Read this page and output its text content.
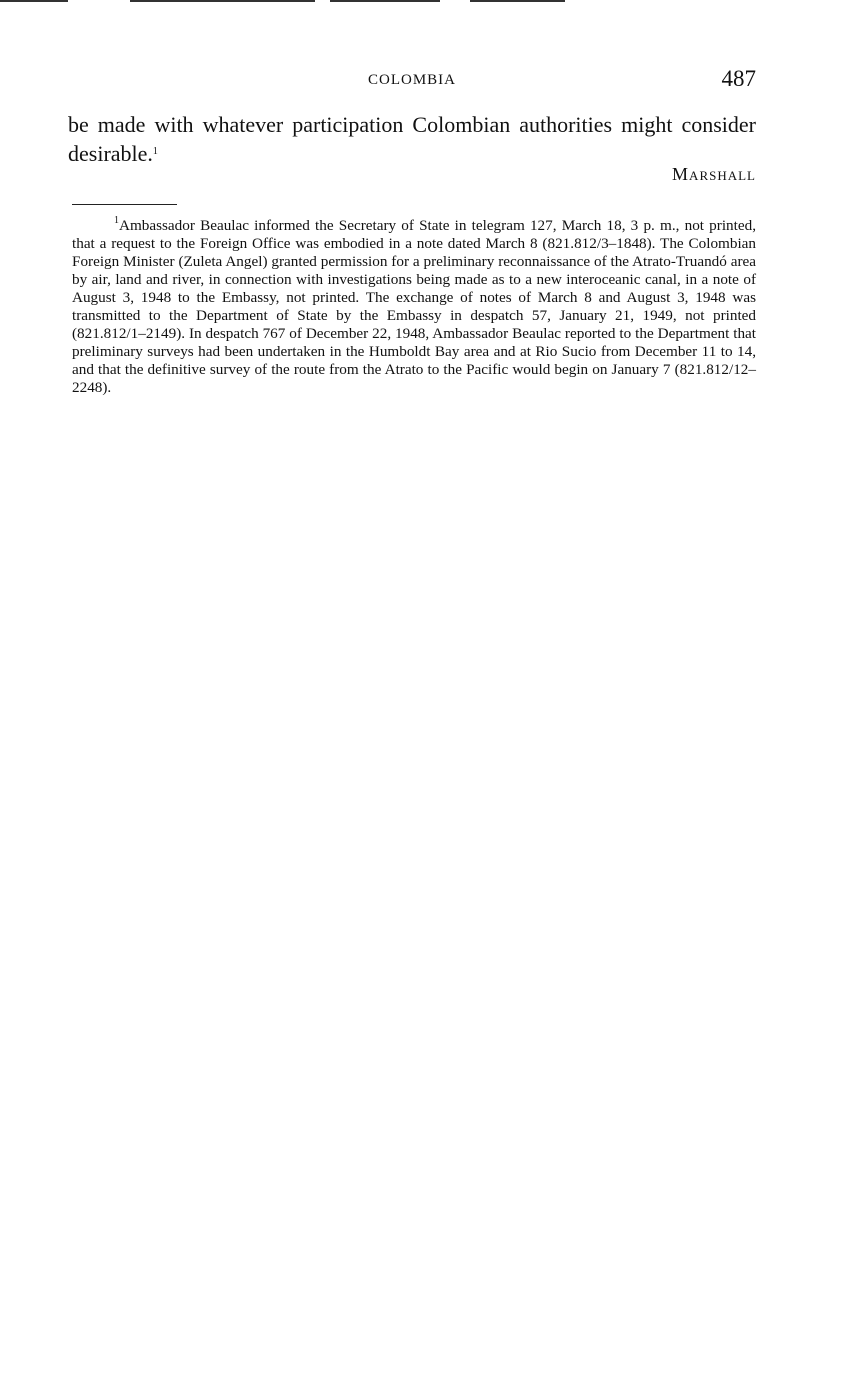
COLOMBIA	487

be made with whatever participation Colombian authorities might consider desirable.$^1$

Marshall

$^1$Ambassador Beaulac informed the Secretary of State in telegram 127, March 18, 3 p. m., not printed, that a request to the Foreign Office was embodied in a note dated March 8 (821.812/3–1848). The Colombian Foreign Minister (Zuleta Angel) granted permission for a preliminary reconnaissance of the Atrato-Truandó area by air, land and river, in connection with investigations being made as to a new interoceanic canal, in a note of August 3, 1948 to the Embassy, not printed. The exchange of notes of March 8 and August 3, 1948 was transmitted to the Department of State by the Embassy in despatch 57, January 21, 1949, not printed (821.812/1–2149). In despatch 767 of December 22, 1948, Ambassador Beaulac reported to the Department that preliminary surveys had been undertaken in the Humboldt Bay area and at Rio Sucio from December 11 to 14, and that the definitive survey of the route from the Atrato to the Pacific would begin on January 7 (821.812/12–2248).
